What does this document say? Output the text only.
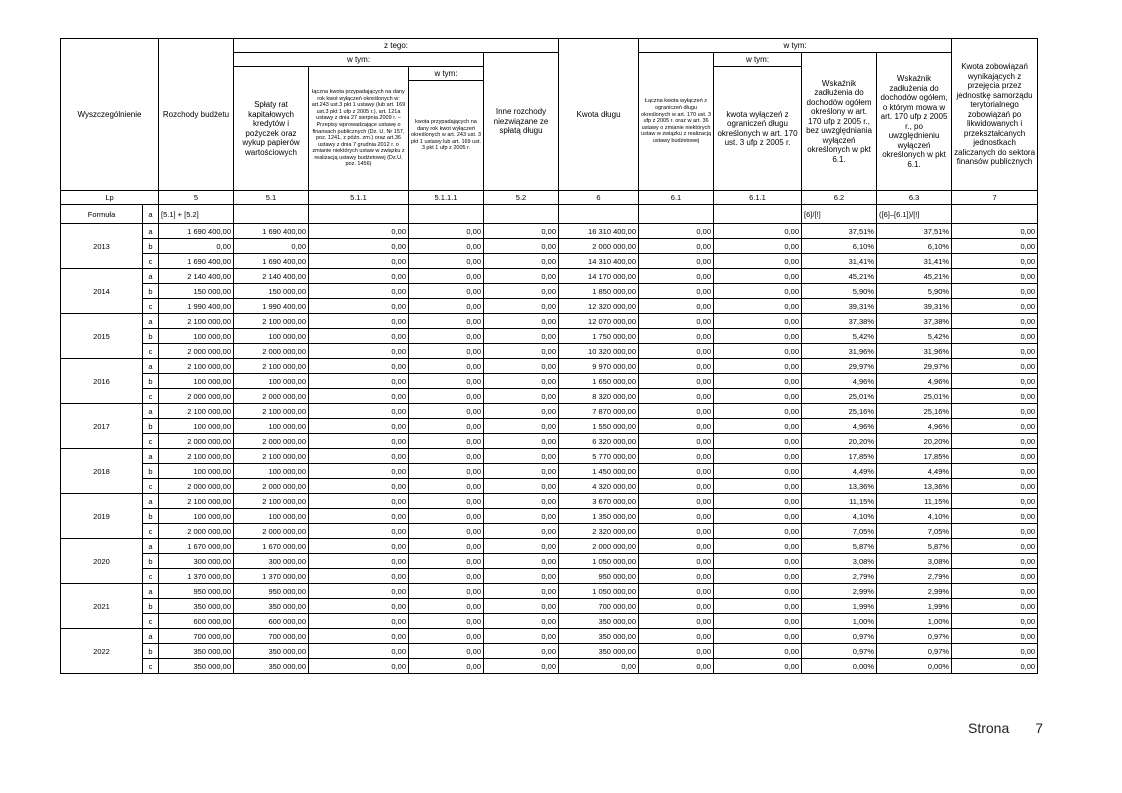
Wyszczególnienie		Rozchody budżetu	z tego:				Kwota długu	w tym:				Kwota zobowiązań wynikających z przejęcia przez jednostkę samorządu terytorialnego zobowiązań po likwidowanych i przekształcanych jednostkach zaliczanych do sektora finansów publicznych
			w tym:			Inne rozchody niezwiązane ze spłatą długu		Łączna kwota wyłączeń z ograniczeń długu określonych w art. 170 ust. 3 ufp z 2005 r. oraz w art. 36 ustawy o zmianie niektórych ustaw w związku z realizacją ustawy budżetowej	w tym:	Wskaźnik zadłużenia do dochodów ogółem określony w art. 170 ufp z 2005 r., bez uwzględniania wyłączeń określonych w pkt 6.1.	Wskaźnik zadłużenia do dochodów ogółem, o którym mowa w art. 170 ufp z 2005 r., po uwzględnieniu wyłączeń określonych w pkt 6.1.	
			Spłaty rat kapitałowych kredytów i pożyczek oraz wykup papierów wartościowych	łączna kwota przypadających na dany rok kwot wyłączeń określonych w: art.243 ust.3 pkt 1 ustawy (lub art. 169 ust.3 pkt 1 ufp z 2005 r.), art. 121a ustawy z dnia 27 sierpnia 2009 r. – Przepisy wprowadzające ustawę o finansach publicznych (Dz. U. Nr 157, poz. 1241, z późn. zm.) oraz art.36 ustawy z dnia 7 grudnia 2012 r. o zmianie niektórych ustaw w związku z realizacją ustawy budżetowej (Dz.U. poz. 1456)	w tym:				kwota wyłączeń z ograniczeń długu określonych w art. 170 ust. 3 ufp z 2005 r.			
					kwota przypadających na dany rok kwot wyłączeń określonych w art. 243 ust. 3 pkt 1 ustawy lub art. 169 ust. 3 pkt 1 ufp z 2005 r.							

Lp		5	5.1	5.1.1	5.1.1.1	5.2	6	6.1	6.1.1	6.2	6.3	7
Formuła	a	[5.1] + [5.2]								[6]/[!]	([6]–[6.1])/[!]	
2013	a	1 690 400,00	1 690 400,00	0,00	0,00	0,00	16 310 400,00	0,00	0,00	37,51%	37,51%	0,00
	b	0,00	0,00	0,00	0,00	0,00	2 000 000,00	0,00	0,00	6,10%	6,10%	0,00
	c	1 690 400,00	1 690 400,00	0,00	0,00	0,00	14 310 400,00	0,00	0,00	31,41%	31,41%	0,00
2014	a	2 140 400,00	2 140 400,00	0,00	0,00	0,00	14 170 000,00	0,00	0,00	45,21%	45,21%	0,00
	b	150 000,00	150 000,00	0,00	0,00	0,00	1 850 000,00	0,00	0,00	5,90%	5,90%	0,00
	c	1 990 400,00	1 990 400,00	0,00	0,00	0,00	12 320 000,00	0,00	0,00	39,31%	39,31%	0,00
2015	a	2 100 000,00	2 100 000,00	0,00	0,00	0,00	12 070 000,00	0,00	0,00	37,38%	37,38%	0,00
	b	100 000,00	100 000,00	0,00	0,00	0,00	1 750 000,00	0,00	0,00	5,42%	5,42%	0,00
	c	2 000 000,00	2 000 000,00	0,00	0,00	0,00	10 320 000,00	0,00	0,00	31,96%	31,96%	0,00
2016	a	2 100 000,00	2 100 000,00	0,00	0,00	0,00	9 970 000,00	0,00	0,00	29,97%	29,97%	0,00
	b	100 000,00	100 000,00	0,00	0,00	0,00	1 650 000,00	0,00	0,00	4,96%	4,96%	0,00
	c	2 000 000,00	2 000 000,00	0,00	0,00	0,00	8 320 000,00	0,00	0,00	25,01%	25,01%	0,00
2017	a	2 100 000,00	2 100 000,00	0,00	0,00	0,00	7 870 000,00	0,00	0,00	25,16%	25,16%	0,00
	b	100 000,00	100 000,00	0,00	0,00	0,00	1 550 000,00	0,00	0,00	4,96%	4,96%	0,00
	c	2 000 000,00	2 000 000,00	0,00	0,00	0,00	6 320 000,00	0,00	0,00	20,20%	20,20%	0,00
2018	a	2 100 000,00	2 100 000,00	0,00	0,00	0,00	5 770 000,00	0,00	0,00	17,85%	17,85%	0,00
	b	100 000,00	100 000,00	0,00	0,00	0,00	1 450 000,00	0,00	0,00	4,49%	4,49%	0,00
	c	2 000 000,00	2 000 000,00	0,00	0,00	0,00	4 320 000,00	0,00	0,00	13,36%	13,36%	0,00
2019	a	2 100 000,00	2 100 000,00	0,00	0,00	0,00	3 670 000,00	0,00	0,00	11,15%	11,15%	0,00
	b	100 000,00	100 000,00	0,00	0,00	0,00	1 350 000,00	0,00	0,00	4,10%	4,10%	0,00
	c	2 000 000,00	2 000 000,00	0,00	0,00	0,00	2 320 000,00	0,00	0,00	7,05%	7,05%	0,00
2020	a	1 670 000,00	1 670 000,00	0,00	0,00	0,00	2 000 000,00	0,00	0,00	5,87%	5,87%	0,00
	b	300 000,00	300 000,00	0,00	0,00	0,00	1 050 000,00	0,00	0,00	3,08%	3,08%	0,00
	c	1 370 000,00	1 370 000,00	0,00	0,00	0,00	950 000,00	0,00	0,00	2,79%	2,79%	0,00
2021	a	950 000,00	950 000,00	0,00	0,00	0,00	1 050 000,00	0,00	0,00	2,99%	2,99%	0,00
	b	350 000,00	350 000,00	0,00	0,00	0,00	700 000,00	0,00	0,00	1,99%	1,99%	0,00
	c	600 000,00	600 000,00	0,00	0,00	0,00	350 000,00	0,00	0,00	1,00%	1,00%	0,00
2022	a	700 000,00	700 000,00	0,00	0,00	0,00	350 000,00	0,00	0,00	0,97%	0,97%	0,00
	b	350 000,00	350 000,00	0,00	0,00	0,00	350 000,00	0,00	0,00	0,97%	0,97%	0,00
	c	350 000,00	350 000,00	0,00	0,00	0,00	0,00	0,00	0,00	0,00%	0,00%	0,00
Strona 7
